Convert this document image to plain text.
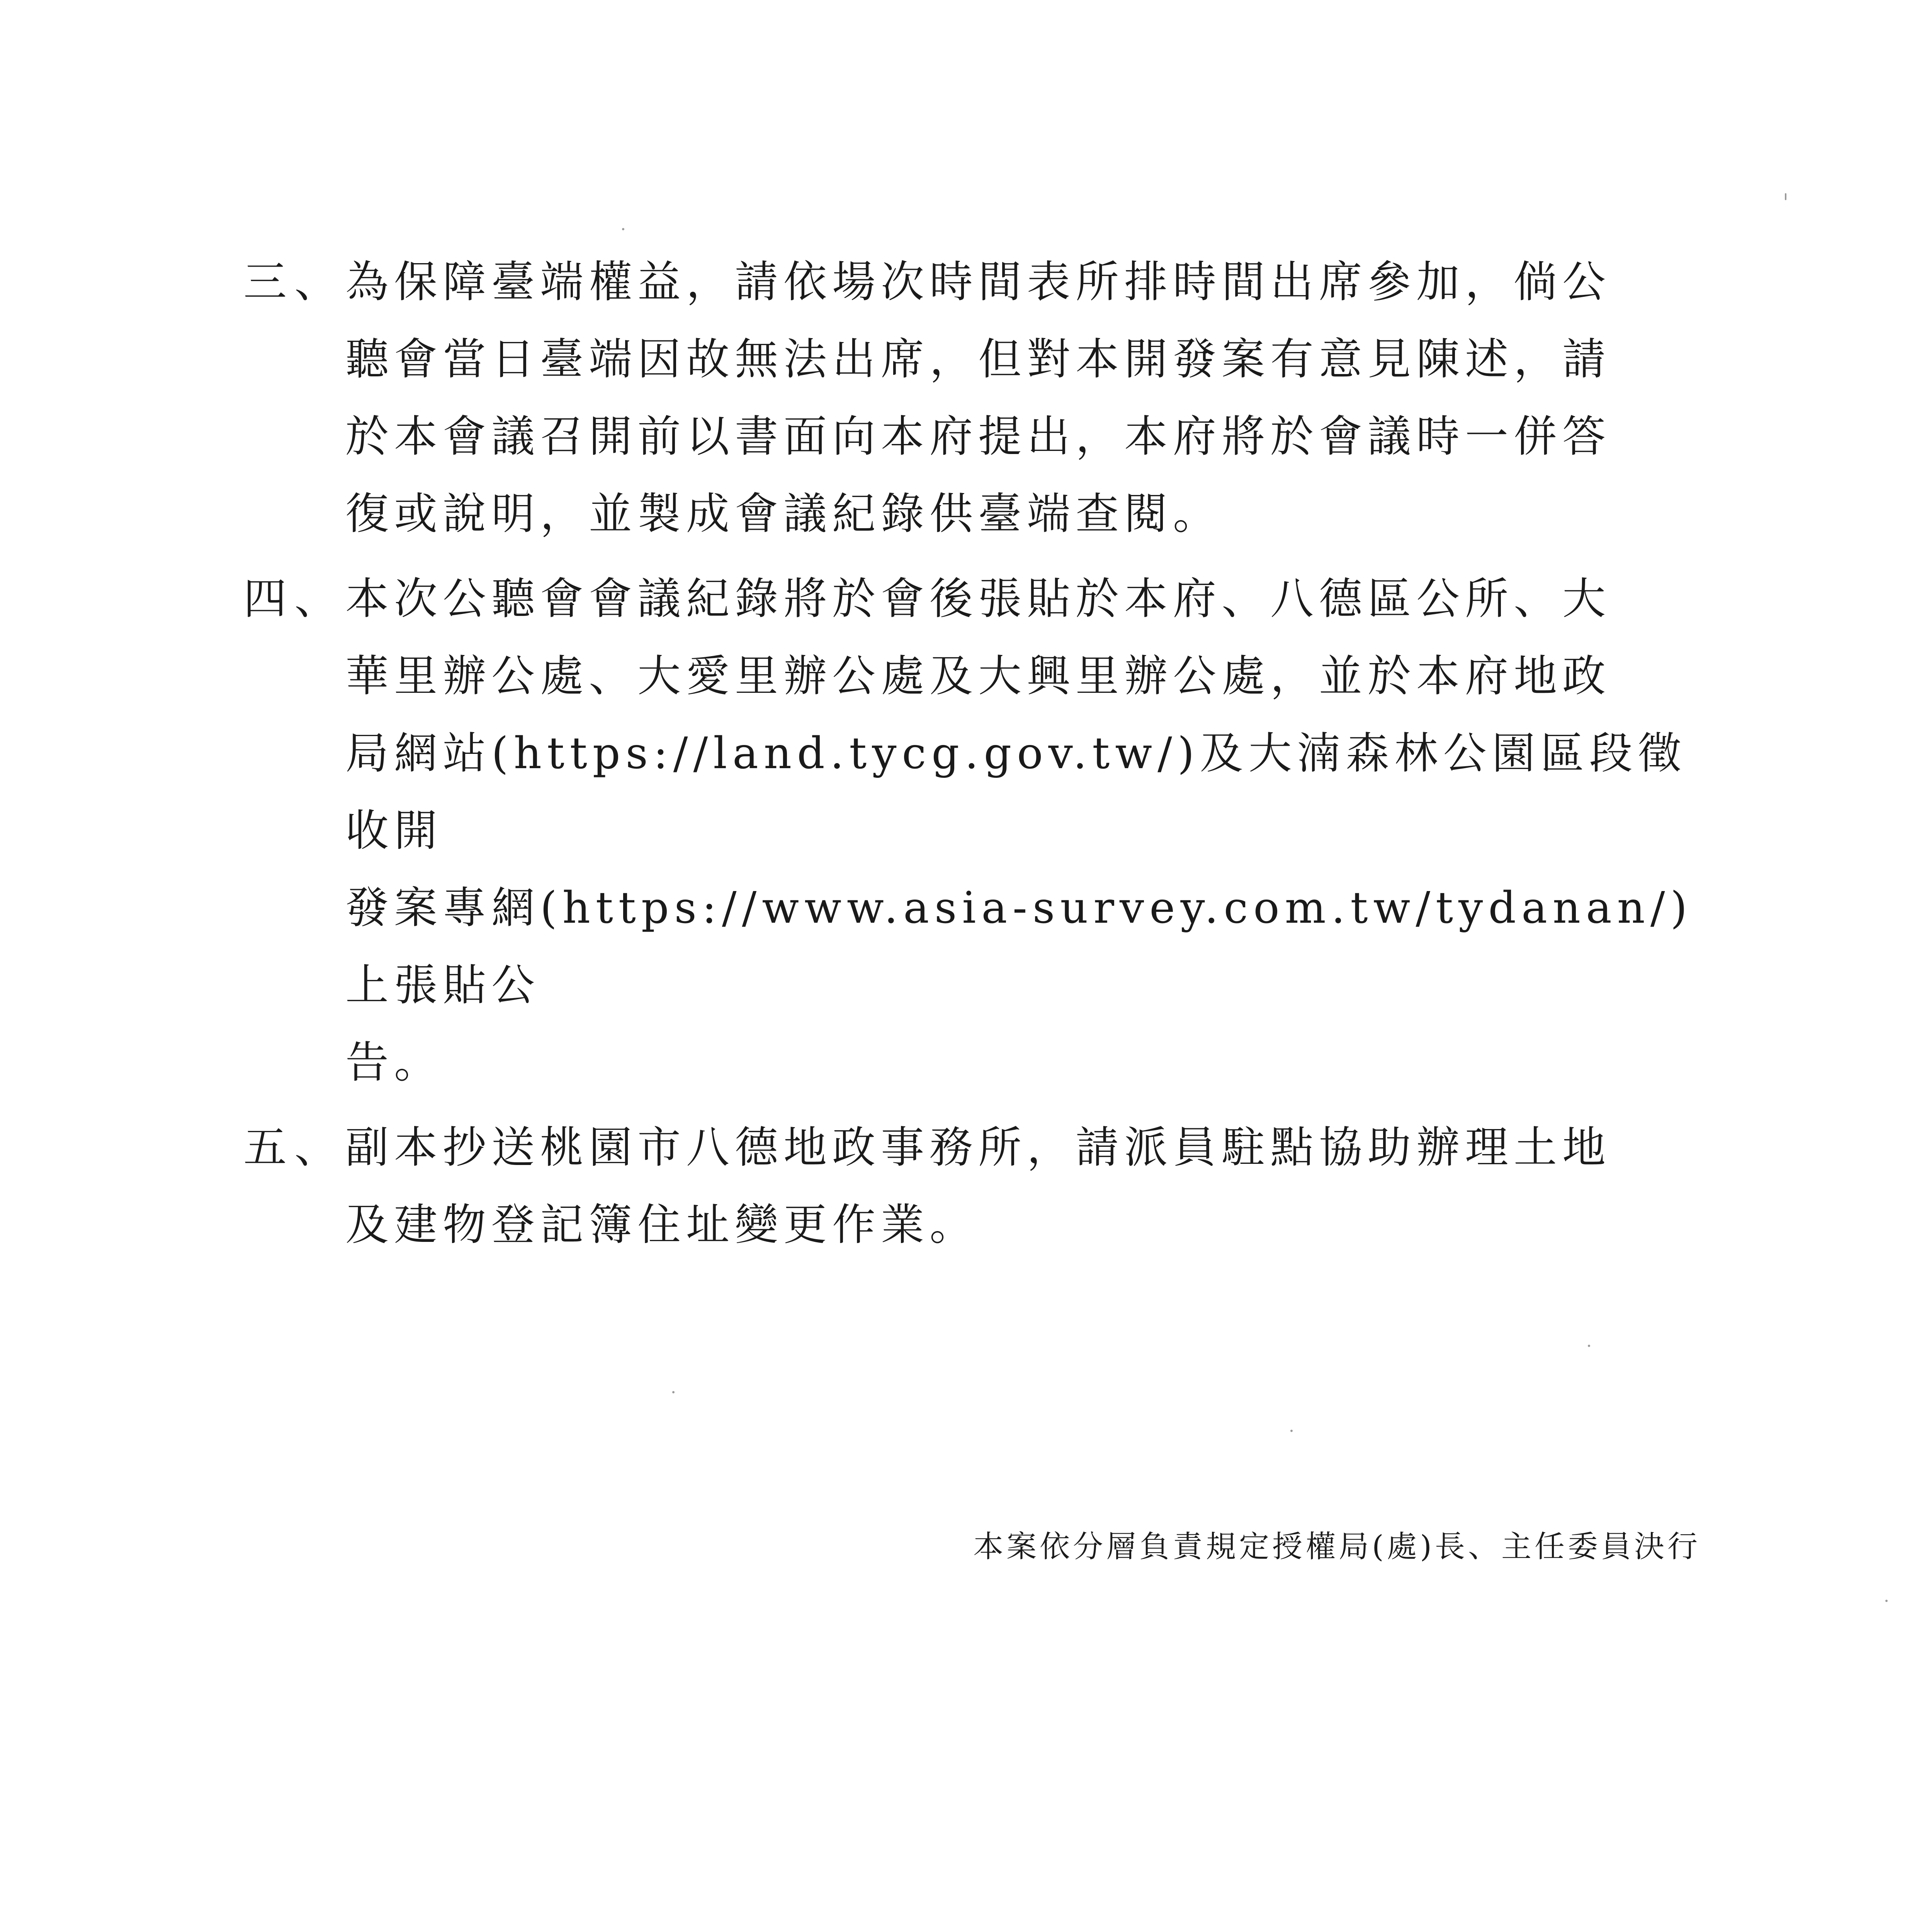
三、 為保障臺端權益，請依場次時間表所排時間出席參加，倘公
聽會當日臺端因故無法出席，但對本開發案有意見陳述，請
於本會議召開前以書面向本府提出，本府將於會議時一併答
復或說明，並製成會議紀錄供臺端查閱。
四、 本次公聽會會議紀錄將於會後張貼於本府、八德區公所、大
華里辦公處、大愛里辦公處及大興里辦公處，並於本府地政
局網站(https://land.tycg.gov.tw/)及大湳森林公園區段徵收開
發案專網(https://www.asia-survey.com.tw/tydanan/)上張貼公
告。
五、 副本抄送桃園市八德地政事務所，請派員駐點協助辦理土地
及建物登記簿住址變更作業。
本案依分層負責規定授權局(處)長、主任委員決行
